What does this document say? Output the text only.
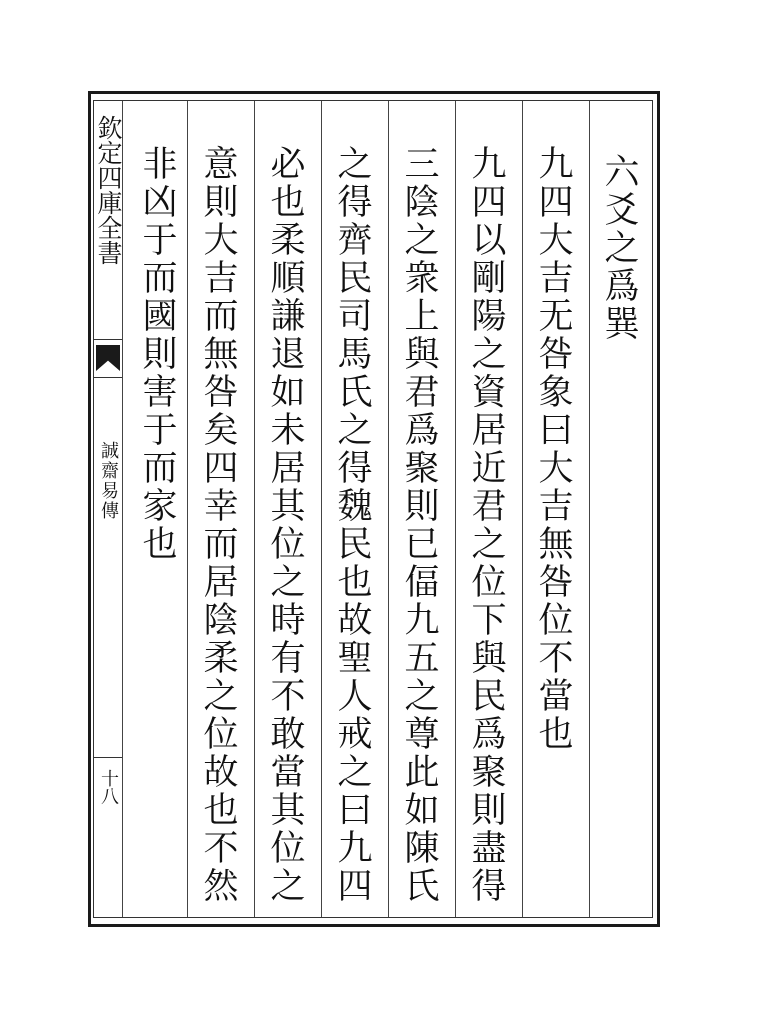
欽定四庫全書
誠齋易傳
十八
六爻之爲巽
九四大吉无咎象曰大吉無咎位不當也
九四以剛陽之資居近君之位下與民爲聚則盡得
三陰之衆上與君爲聚則已偪九五之尊此如陳氏
之得齊民司馬氏之得魏民也故聖人戒之曰九四
必也柔順謙退如未居其位之時有不敢當其位之
意則大吉而無咎矣四幸而居陰柔之位故也不然
非凶于而國則害于而家也
